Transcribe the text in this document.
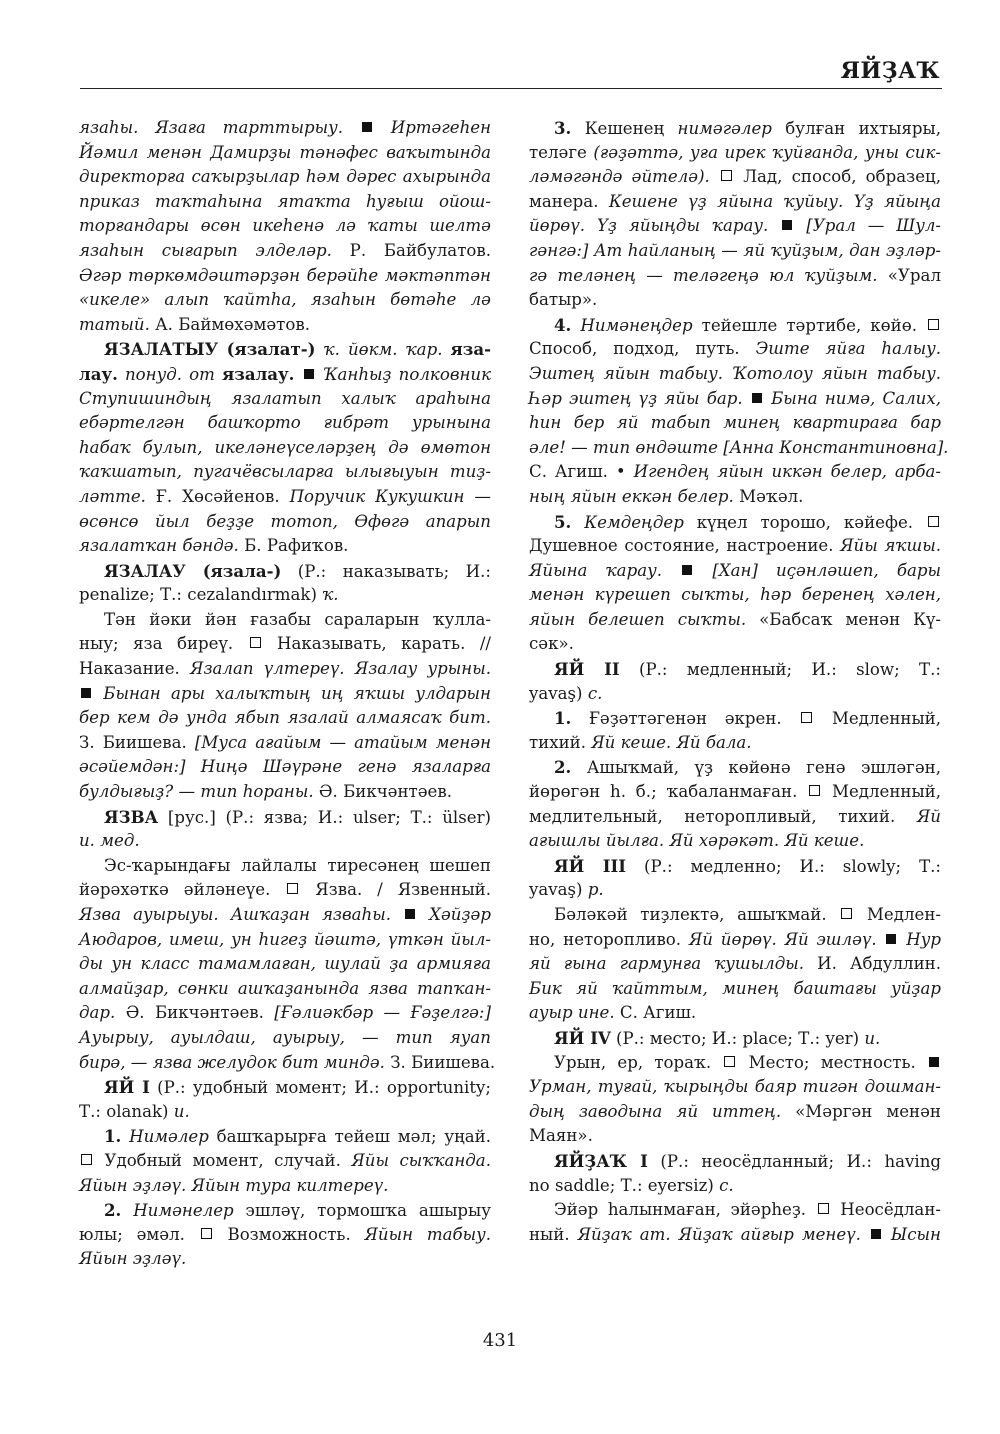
ЯЙҘАҠ
язаһы. Язаға тарттырыу.	Иртәгеһен
Йәмил менән Дамирҙы тәнәфес ваҡытында
директорға саҡырҙылар һәм дәрес ахырында
приказ таҡтаһына ятаҡта һуғыш ойош-
торғандары өсөн икеһенә лә ҡаты шелтә
язаһын сығарып элделәр. Р. Байбулатов.
Әгәр төркөмдәштәрҙән берәйһе мәктәптән
«икеле» алып ҡайтһа, язаһын бөтәһе лә
татый. А. Баймөхәмәтов.
ЯЗАЛАТЫУ (язалат-) ҡ. йөкм. ҡар. яза-
лау. понуд. от язалау. Ҡанһыҙ полковник
Ступишиндың язалатып халыҡ араһына
ебәртелгән башҡорто ғибрәт урынына
һабаҡ булып, икеләнеүселәрҙең дә өмөтон
ҡаҡшатып, пугачёвсыларға ылығыуын тиҙ-
ләтте. Ғ. Хөсәйенов. Поручик Кукушкин —
өсөнсө йыл беҙҙе тотоп, Өфөгә апарып
язалатҡан бәндә. Б. Рафиҡов.
ЯЗАЛАУ (язала-) (Р.: наказывать; И.:
penalize; Т.: cezalandırmak) ҡ.
Тән йәки йән ғазабы сараларын ҡулла-
ныу; яза биреү.  Наказывать, карать. //
Наказание. Язалап үлтереү. Язалау урыны.
Бынан ары халыҡтың иң яҡшы улдарын
бер кем дә унда ябып язалай алмаясаҡ бит.
З. Биишева. [Муса ағайым — атайым менән
әсәйемдән:] Ниңә Шәүрәне генә язаларға
булдығыҙ? — тип һораны. Ә. Бикчәнтәев.
ЯЗВА [рус.] (Р.: язва; И.: ulser; Т.: ülser)
и. мед.
Эс-ҡарындағы лайлалы тиресәнең шешеп
йәрәхәткә әйләнеүе.  Язва. / Язвенный.
Язва ауырыуы. Ашҡаҙан язваһы. Хәйҙәр
Аюдаров, имеш, ун һигеҙ йәштә, үткән йыл-
ды ун класс тамамлаған, шулай ҙа армияға
алмайҙар, сөнки ашҡаҙанында язва тапҡан-
дар. Ә. Бикчәнтәев. [Ғәлиәкбәр — Ғәҙелгә:]
Ауырыу, ауылдаш, ауырыу, — тип яуап
бирә, — язва желудок бит миндә. З. Биишева.
ЯЙ I (Р.: удобный момент; И.: opportunity;
Т.: olanak) и.
1. Нимәлер башҡарырға тейеш мәл; уңай.
Удобный момент, случай. Яйы сыҡҡанда.
Яйын эҙләү. Яйын тура килтереү.
2. Нимәнелер эшләү, тормошҡа ашырыу
юлы; әмәл.  Возможность. Яйын табыу.
Яйын эҙләү.
3. Кешенең нимәгәлер булған ихтыяры,
теләге (ғәҙәттә, уға ирек ҡуйғанда, уны сик-
ләмәгәндә әйтелә).  Лад, способ, образец,
манера. Кешене үҙ яйына ҡуйыу. Үҙ яйыңа
йөрөү. Үҙ яйыңды ҡарау. [Урал — Шул-
гәнгә:] Ат һайланың — яй ҡуйҙым, дан эҙләр-
гә теләнең — теләгеңә юл ҡуйҙым. «Урал
батыр».
4. Нимәнеңдер тейешле тәртибе, көйө.
Способ, подход, путь. Эште яйға һалыу.
Эштең яйын табыу. Ҡотолоу яйын табыу.
Һәр эштең үҙ яйы бар. Бына нимә, Салих,
һин бер яй табып минең квартираға бар
әле! — тип өндәште [Анна Константиновна].
С. Агиш. • Игендең яйын иккән белер, арба-
ның яйын еккән белер. Мәҡәл.
5. Кемдеңдер күңел торошо, кәйефе.
Душевное состояние, настроение. Яйы яҡшы.
Яйына ҡарау.	[Хан] иҫәнләшеп, бары
менән күрешеп сыҡты, һәр беренең хәлен,
яйын белешеп сыҡты. «Бабсаҡ менән Кү-
сәк».
ЯЙ II (Р.: медленный; И.: slow; Т.:
yavaş) с.
1. Ғәҙәттәгенән әкрен.  Медленный,
тихий. Яй кеше. Яй бала.
2. Ашыҡмай, үҙ көйөнә генә эшләгән,
йөрөгән һ. б.; ҡабаланмаған.  Медленный,
медлительный, неторопливый, тихий. Яй
ағышлы йылға. Яй хәрәкәт. Яй кеше.
ЯЙ III (Р.: медленно; И.: slowly; Т.:
yavaş) р.
Бәләкәй тиҙлектә, ашыҡмай.  Медлен-
но, неторопливо. Яй йөрөү. Яй эшләү. Нур
яй ғына гармунға ҡушылды. И. Абдуллин.
Бик яй ҡайттым, минең баштағы уйҙар
ауыр ине. С. Агиш.
ЯЙ IV (Р.: место; И.: place; Т.: yer) и.
Урын, ер, тораҡ.  Место; местность.
Урман, туғай, ҡырыңды баяр тигән дошман-
дың заводына яй иттең. «Мәргән менән
Маян».
ЯЙҘАҠ I (Р.: неосёдланный; И.: having
no saddle; Т.: eyersiz) с.
Эйәр һалынмаған, эйәрһеҙ.  Неосёдлан-
ный. Яйҙаҡ ат. Яйҙаҡ айғыр менеү. Ысын
431
